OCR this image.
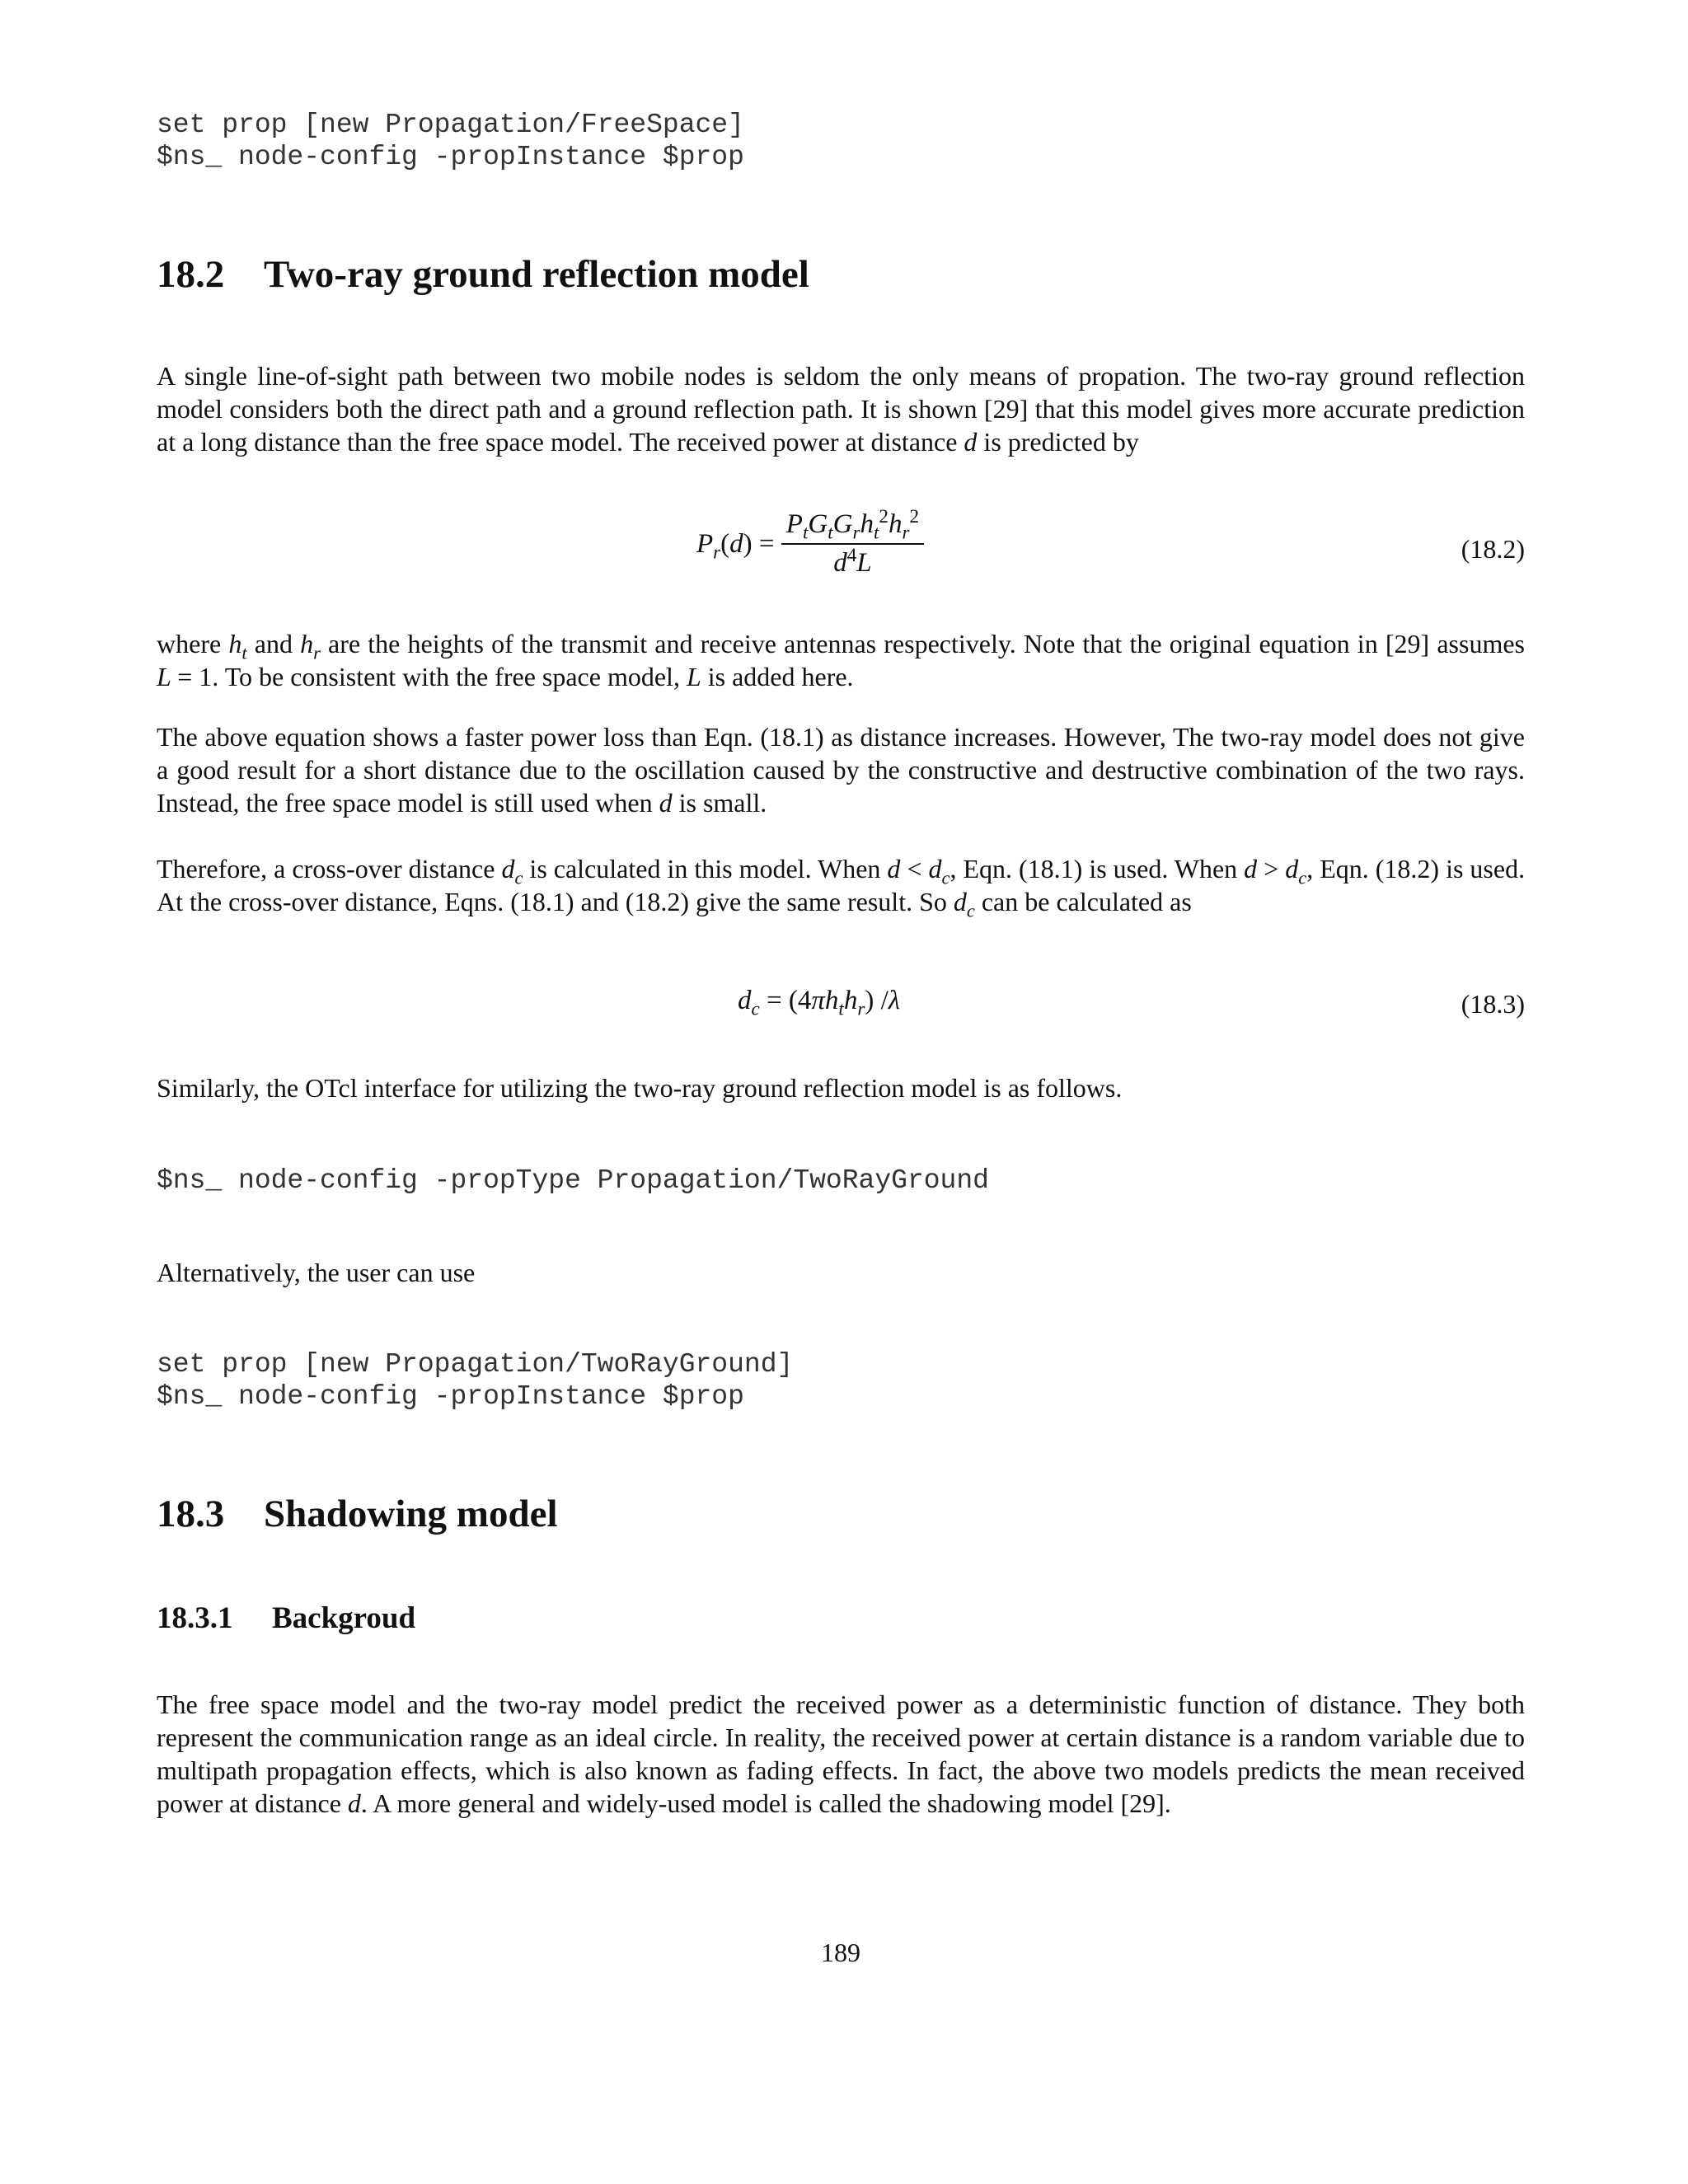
set prop [new Propagation/FreeSpace]
$ns_ node-config -propInstance $prop
18.2 Two-ray ground reflection model

A single line-of-sight path between two mobile nodes is seldom the only means of propation. The two-ray ground reflection model considers both the direct path and a ground reflection path. It is shown [29] that this model gives more accurate prediction at a long distance than the free space model. The received power at distance d is predicted by

$P_r(d) = \frac{P_tG_tG_rh_t^2h_r^2}{d^4L}$	(18.2)

where $h_t$ and $h_r$ are the heights of the transmit and receive antennas respectively. Note that the original equation in [29] assumes L = 1. To be consistent with the free space model, L is added here.

The above equation shows a faster power loss than Eqn. (18.1) as distance increases. However, The two-ray model does not give a good result for a short distance due to the oscillation caused by the constructive and destructive combination of the two rays. Instead, the free space model is still used when d is small.

Therefore, a cross-over distance $d_c$ is calculated in this model. When $d < d_c$, Eqn. (18.1) is used. When $d > d_c$, Eqn. (18.2) is used. At the cross-over distance, Eqns. (18.1) and (18.2) give the same result. So $d_c$ can be calculated as

$d_c = (4\pi h_th_r)$ /λ	(18.3)

Similarly, the OTcl interface for utilizing the two-ray ground reflection model is as follows.

$ns_ node-config -propType Propagation/TwoRayGround

Alternatively, the user can use

set prop [new Propagation/TwoRayGround]
$ns_ node-config -propInstance $prop
18.3 Shadowing model
18.3.1 Backgroud

The free space model and the two-ray model predict the received power as a deterministic function of distance. They both represent the communication range as an ideal circle. In reality, the received power at certain distance is a random variable due to multipath propagation effects, which is also known as fading effects. In fact, the above two models predicts the mean received power at distance d. A more general and widely-used model is called the shadowing model [29].

189
